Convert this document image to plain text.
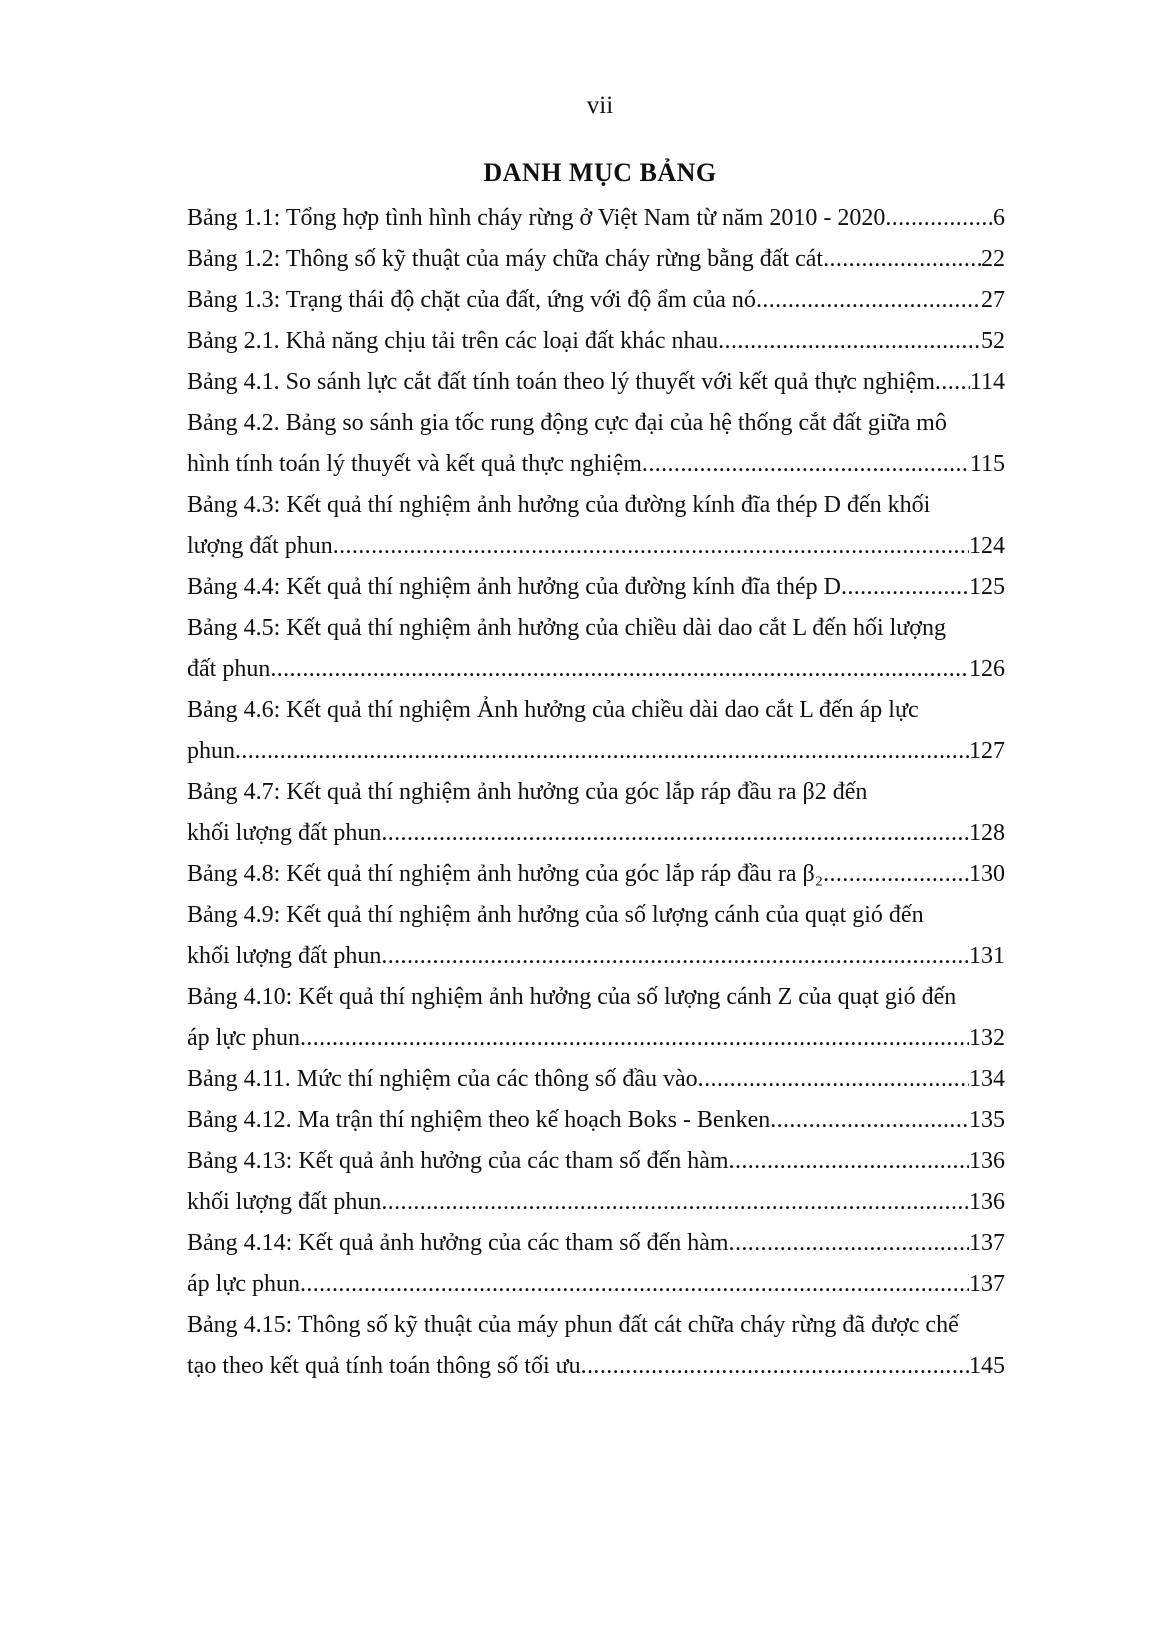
vii
DANH MỤC BẢNG
Bảng 1.1: Tổng hợp tình hình cháy rừng ở Việt Nam từ năm 2010 - 2020 .....	6
Bảng 1.2: Thông số kỹ thuật của máy chữa cháy rừng bằng đất cát .....	22
Bảng 1.3: Trạng thái độ chặt của đất, ứng với độ ẩm của nó .....	27
Bảng 2.1. Khả năng chịu tải trên các loại đất khác nhau .....	52
Bảng 4.1. So sánh lực cắt đất tính toán theo lý thuyết với kết quả thực nghiệm ..... 114
Bảng 4.2. Bảng so sánh gia tốc rung động cực đại của hệ thống cắt đất giữa mô
hình tính toán lý thuyết và kết quả thực nghiệm .....	115
Bảng 4.3: Kết quả thí nghiệm ảnh hưởng của đường kính đĩa thép D đến khối
lượng đất phun .....	124
Bảng 4.4: Kết quả thí nghiệm ảnh hưởng của đường kính đĩa thép D .....	125
Bảng 4.5: Kết quả thí nghiệm ảnh hưởng của chiều dài dao cắt L đến hối lượng
đất phun .....	126
Bảng 4.6: Kết quả thí nghiệm Ảnh hưởng của chiều dài dao cắt L đến áp lực
phun .....	127
Bảng 4.7: Kết quả thí nghiệm ảnh hưởng của góc lắp ráp đầu ra β2 đến
khối lượng đất phun .....	128
Bảng 4.8: Kết quả thí nghiệm ảnh hưởng của góc lắp ráp đầu ra β₂ .....	130
Bảng 4.9: Kết quả thí nghiệm ảnh hưởng của số lượng cánh của quạt gió đến
khối lượng đất phun .....	131
Bảng 4.10: Kết quả thí nghiệm ảnh hưởng của số lượng cánh Z của quạt gió đến
áp lực phun .....	132
Bảng 4.11. Mức thí nghiệm của các thông số đầu vào .....	134
Bảng 4.12. Ma trận thí nghiệm theo kế hoạch Boks - Benken .....	135
Bảng 4.13: Kết quả ảnh hưởng của các tham số đến hàm .....	136
khối lượng đất phun .....	136
Bảng 4.14: Kết quả ảnh hưởng của các tham số đến hàm .....	137
áp lực phun .....	137
Bảng 4.15: Thông số kỹ thuật của máy phun đất cát chữa cháy rừng đã được chế
tạo theo kết quả tính toán thông số tối ưu .....	145
